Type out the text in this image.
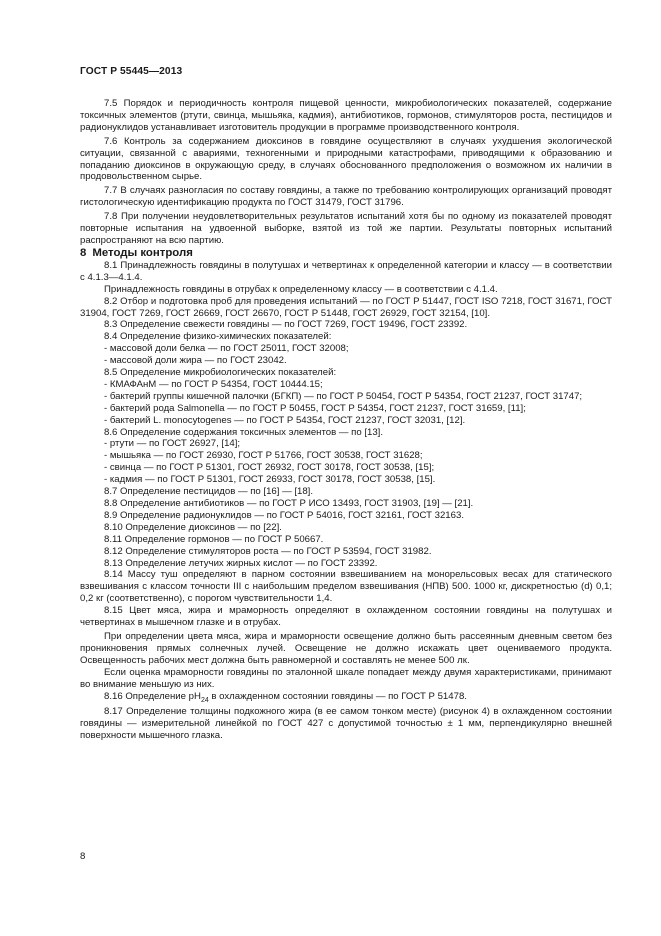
ГОСТ Р 55445—2013

7.5 Порядок и периодичность контроля пищевой ценности, микробиологических показателей, содержание токсичных элементов (ртути, свинца, мышьяка, кадмия), антибиотиков, гормонов, стимуляторов роста, пестицидов и радионуклидов устанавливает изготовитель продукции в программе производственного контроля.

7.6 Контроль за содержанием диоксинов в говядине осуществляют в случаях ухудшения экологической ситуации, связанной с авариями, техногенными и природными катастрофами, приводящими к образованию и попаданию диоксинов в окружающую среду, в случаях обоснованного предположения о возможном их наличии в продовольственном сырье.

7.7 В случаях разногласия по составу говядины, а также по требованию контролирующих организаций проводят гистологическую идентификацию продукта по ГОСТ 31479, ГОСТ 31796.

7.8 При получении неудовлетворительных результатов испытаний хотя бы по одному из показателей проводят повторные испытания на удвоенной выборке, взятой из той же партии. Результаты повторных испытаний распространяют на всю партию.

8 Методы контроля

8.1 Принадлежность говядины в полутушах и четвертинах к определенной категории и классу — в соответствии с 4.1.3—4.1.4.

Принадлежность говядины в отрубах к определенному классу — в соответствии с 4.1.4.

8.2 Отбор и подготовка проб для проведения испытаний — по ГОСТ Р 51447, ГОСТ ISO 7218, ГОСТ 31671, ГОСТ 31904, ГОСТ 7269, ГОСТ 26669, ГОСТ 26670, ГОСТ Р 51448, ГОСТ 26929, ГОСТ 32154, [10].

8.3 Определение свежести говядины — по ГОСТ 7269, ГОСТ 19496, ГОСТ 23392.

8.4 Определение физико-химических показателей:

- массовой доли белка — по ГОСТ 25011, ГОСТ 32008;

- массовой доли жира — по ГОСТ 23042.

8.5 Определение микробиологических показателей:

- КМАФАнМ — по ГОСТ Р 54354, ГОСТ 10444.15;

- бактерий группы кишечной палочки (БГКП) — по ГОСТ Р 50454, ГОСТ Р 54354, ГОСТ 21237, ГОСТ 31747;

- бактерий рода Salmonella — по ГОСТ Р 50455, ГОСТ Р 54354, ГОСТ 21237, ГОСТ 31659, [11];

- бактерий L. monocytogenes — по ГОСТ Р 54354, ГОСТ 21237, ГОСТ 32031, [12].

8.6 Определение содержания токсичных элементов — по [13].

- ртути — по ГОСТ 26927, [14];

- мышьяка — по ГОСТ 26930, ГОСТ Р 51766, ГОСТ 30538, ГОСТ 31628;

- свинца — по ГОСТ Р 51301, ГОСТ 26932, ГОСТ 30178, ГОСТ 30538, [15];

- кадмия — по ГОСТ Р 51301, ГОСТ 26933, ГОСТ 30178, ГОСТ 30538, [15].

8.7 Определение пестицидов — по [16] — [18].

8.8 Определение антибиотиков — по ГОСТ Р ИСО 13493, ГОСТ 31903, [19] — [21].

8.9 Определение радионуклидов — по ГОСТ Р 54016, ГОСТ 32161, ГОСТ 32163.

8.10 Определение диоксинов — по [22].

8.11 Определение гормонов — по ГОСТ Р 50667.

8.12 Определение стимуляторов роста — по ГОСТ Р 53594, ГОСТ 31982.

8.13 Определение летучих жирных кислот — по ГОСТ 23392.

8.14 Массу туш определяют в парном состоянии взвешиванием на монорельсовых весах для статического взвешивания с классом точности III с наибольшим пределом взвешивания (НПВ) 500. 1000 кг, дискретностью (d) 0,1; 0,2 кг (соответственно), с порогом чувствительности 1,4.

8.15 Цвет мяса, жира и мраморность определяют в охлажденном состоянии говядины на полутушах и четвертинах в мышечном глазке и в отрубах.

При определении цвета мяса, жира и мраморности освещение должно быть рассеянным дневным светом без проникновения прямых солнечных лучей. Освещение не должно искажать цвет оцениваемого продукта. Освещенность рабочих мест должна быть равномерной и составлять не менее 500 лк.

Если оценка мраморности говядины по эталонной шкале попадает между двумя характеристиками, принимают во внимание меньшую из них.

8.16 Определение $pH_{24}$ в охлажденном состоянии говядины — по ГОСТ Р 51478.

8.17 Определение толщины подкожного жира (в ее самом тонком месте) (рисунок 4) в охлажденном состоянии говядины — измерительной линейкой по ГОСТ 427 с допустимой точностью ± 1 мм, перпендикулярно внешней поверхности мышечного глазка.

8
